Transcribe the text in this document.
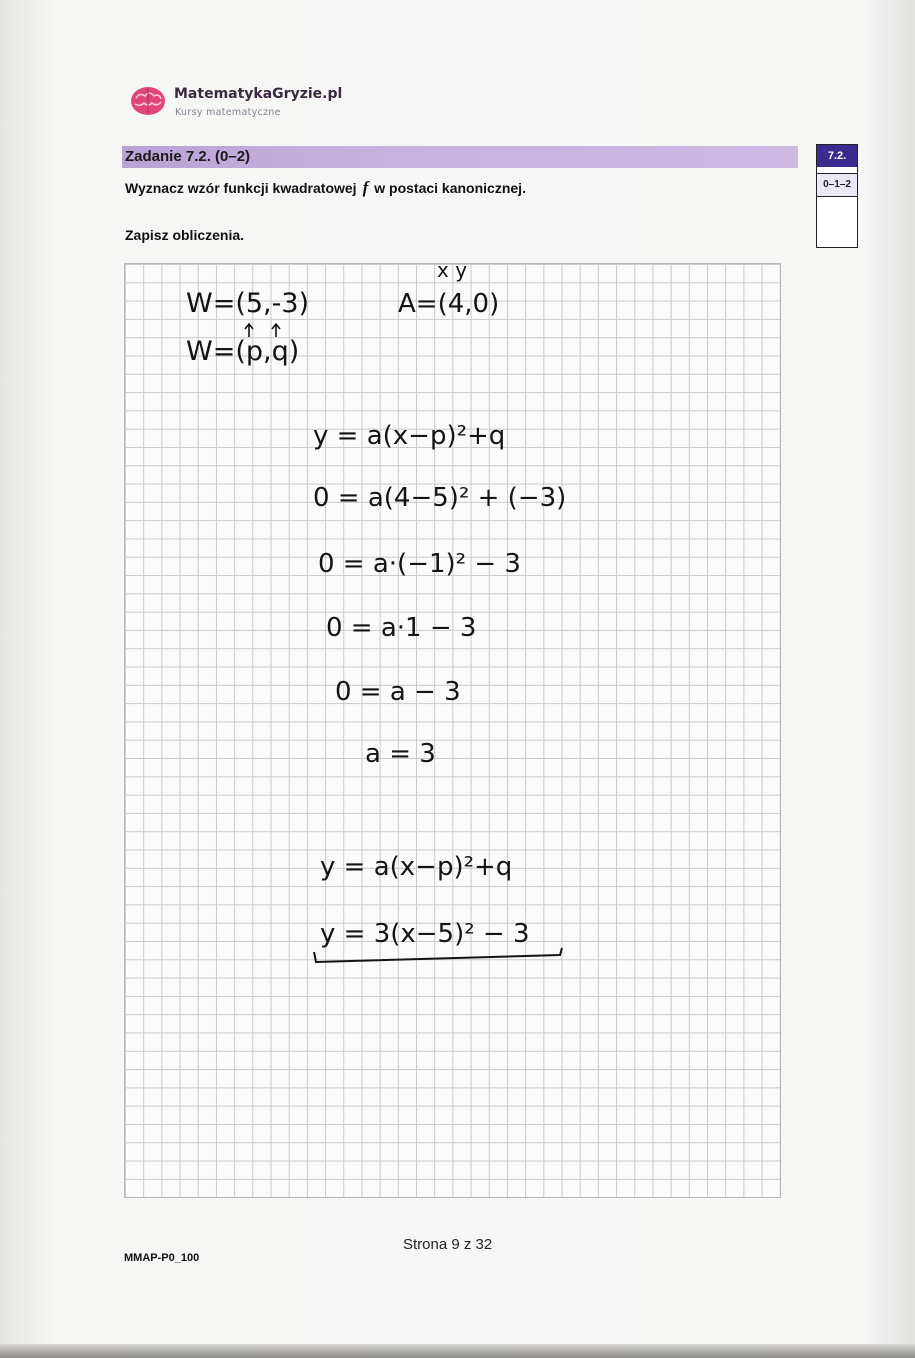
MatematykaGryzie.pl
Kursy matematyczne
Zadanie 7.2. (0–2)
Wyznacz wzór funkcji kwadratowej f w postaci kanonicznej.
Zapisz obliczenia.
7.2.
0–1–2
W=(5,-3)
W=(p,q)
x y
A=(4,0)
y = a(x−p)²+q
0 = a(4−5)² + (−3)
0 = a·(−1)² − 3
0 = a·1 − 3
0 = a − 3
a = 3
y = a(x−p)²+q
y = 3(x−5)² − 3
Strona 9 z 32
MMAP-P0_100
